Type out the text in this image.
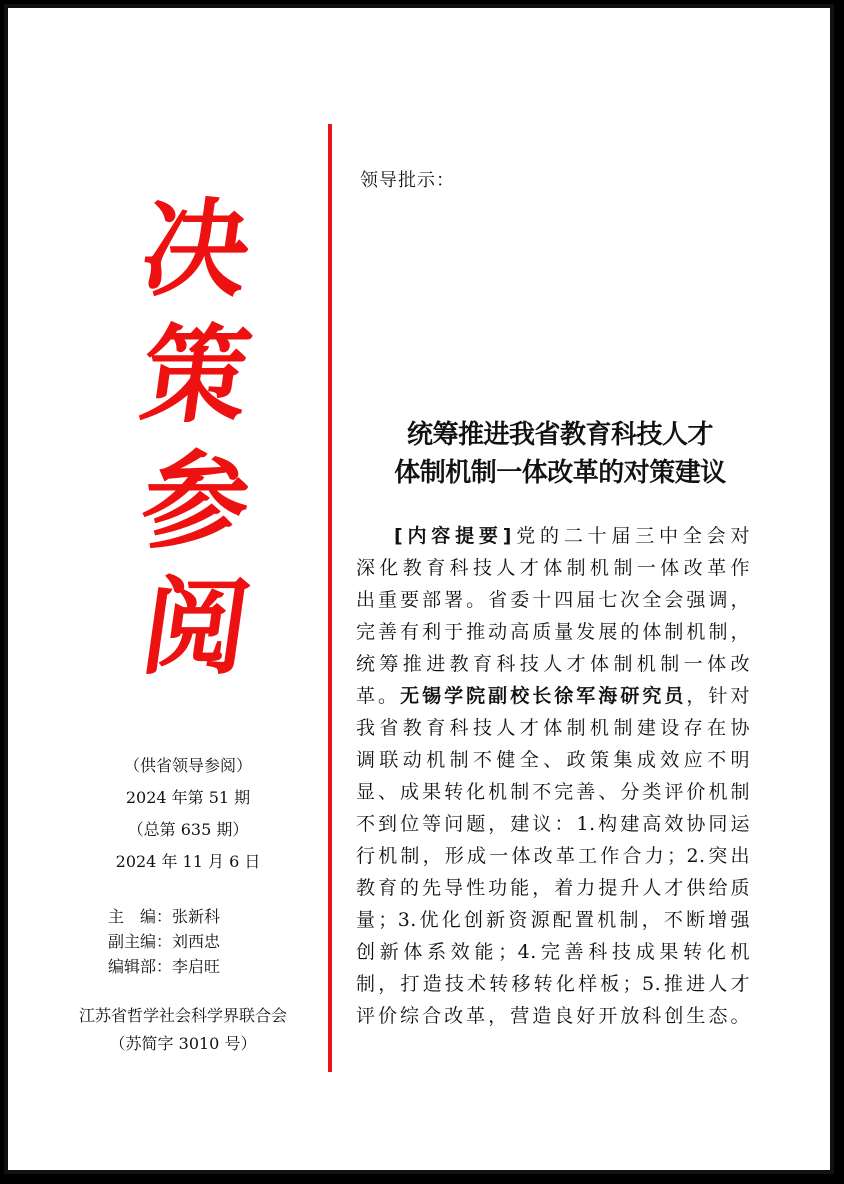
决
策
参
阅
（供省领导参阅）
2024 年第 51 期
（总第 635 期）
2024 年 11 月 6 日
主　编：张新科
副主编：刘西忠
编辑部：李启旺
江苏省哲学社会科学界联合会
（苏简字 3010 号）
领导批示：
统筹推进我省教育科技人才
体制机制一体改革的对策建议
[内容提要]党的二十届三中全会对
深化教育科技人才体制机制一体改革作
出重要部署。省委十四届七次全会强调，
完善有利于推动高质量发展的体制机制，
统筹推进教育科技人才体制机制一体改
革。无锡学院副校长徐军海研究员，针对
我省教育科技人才体制机制建设存在协
调联动机制不健全、政策集成效应不明
显、成果转化机制不完善、分类评价机制
不到位等问题，建议：1.构建高效协同运
行机制，形成一体改革工作合力；2.突出
教育的先导性功能，着力提升人才供给质
量；3.优化创新资源配置机制，不断增强
创新体系效能；4.完善科技成果转化机
制，打造技术转移转化样板；5.推进人才
评价综合改革，营造良好开放科创生态。
